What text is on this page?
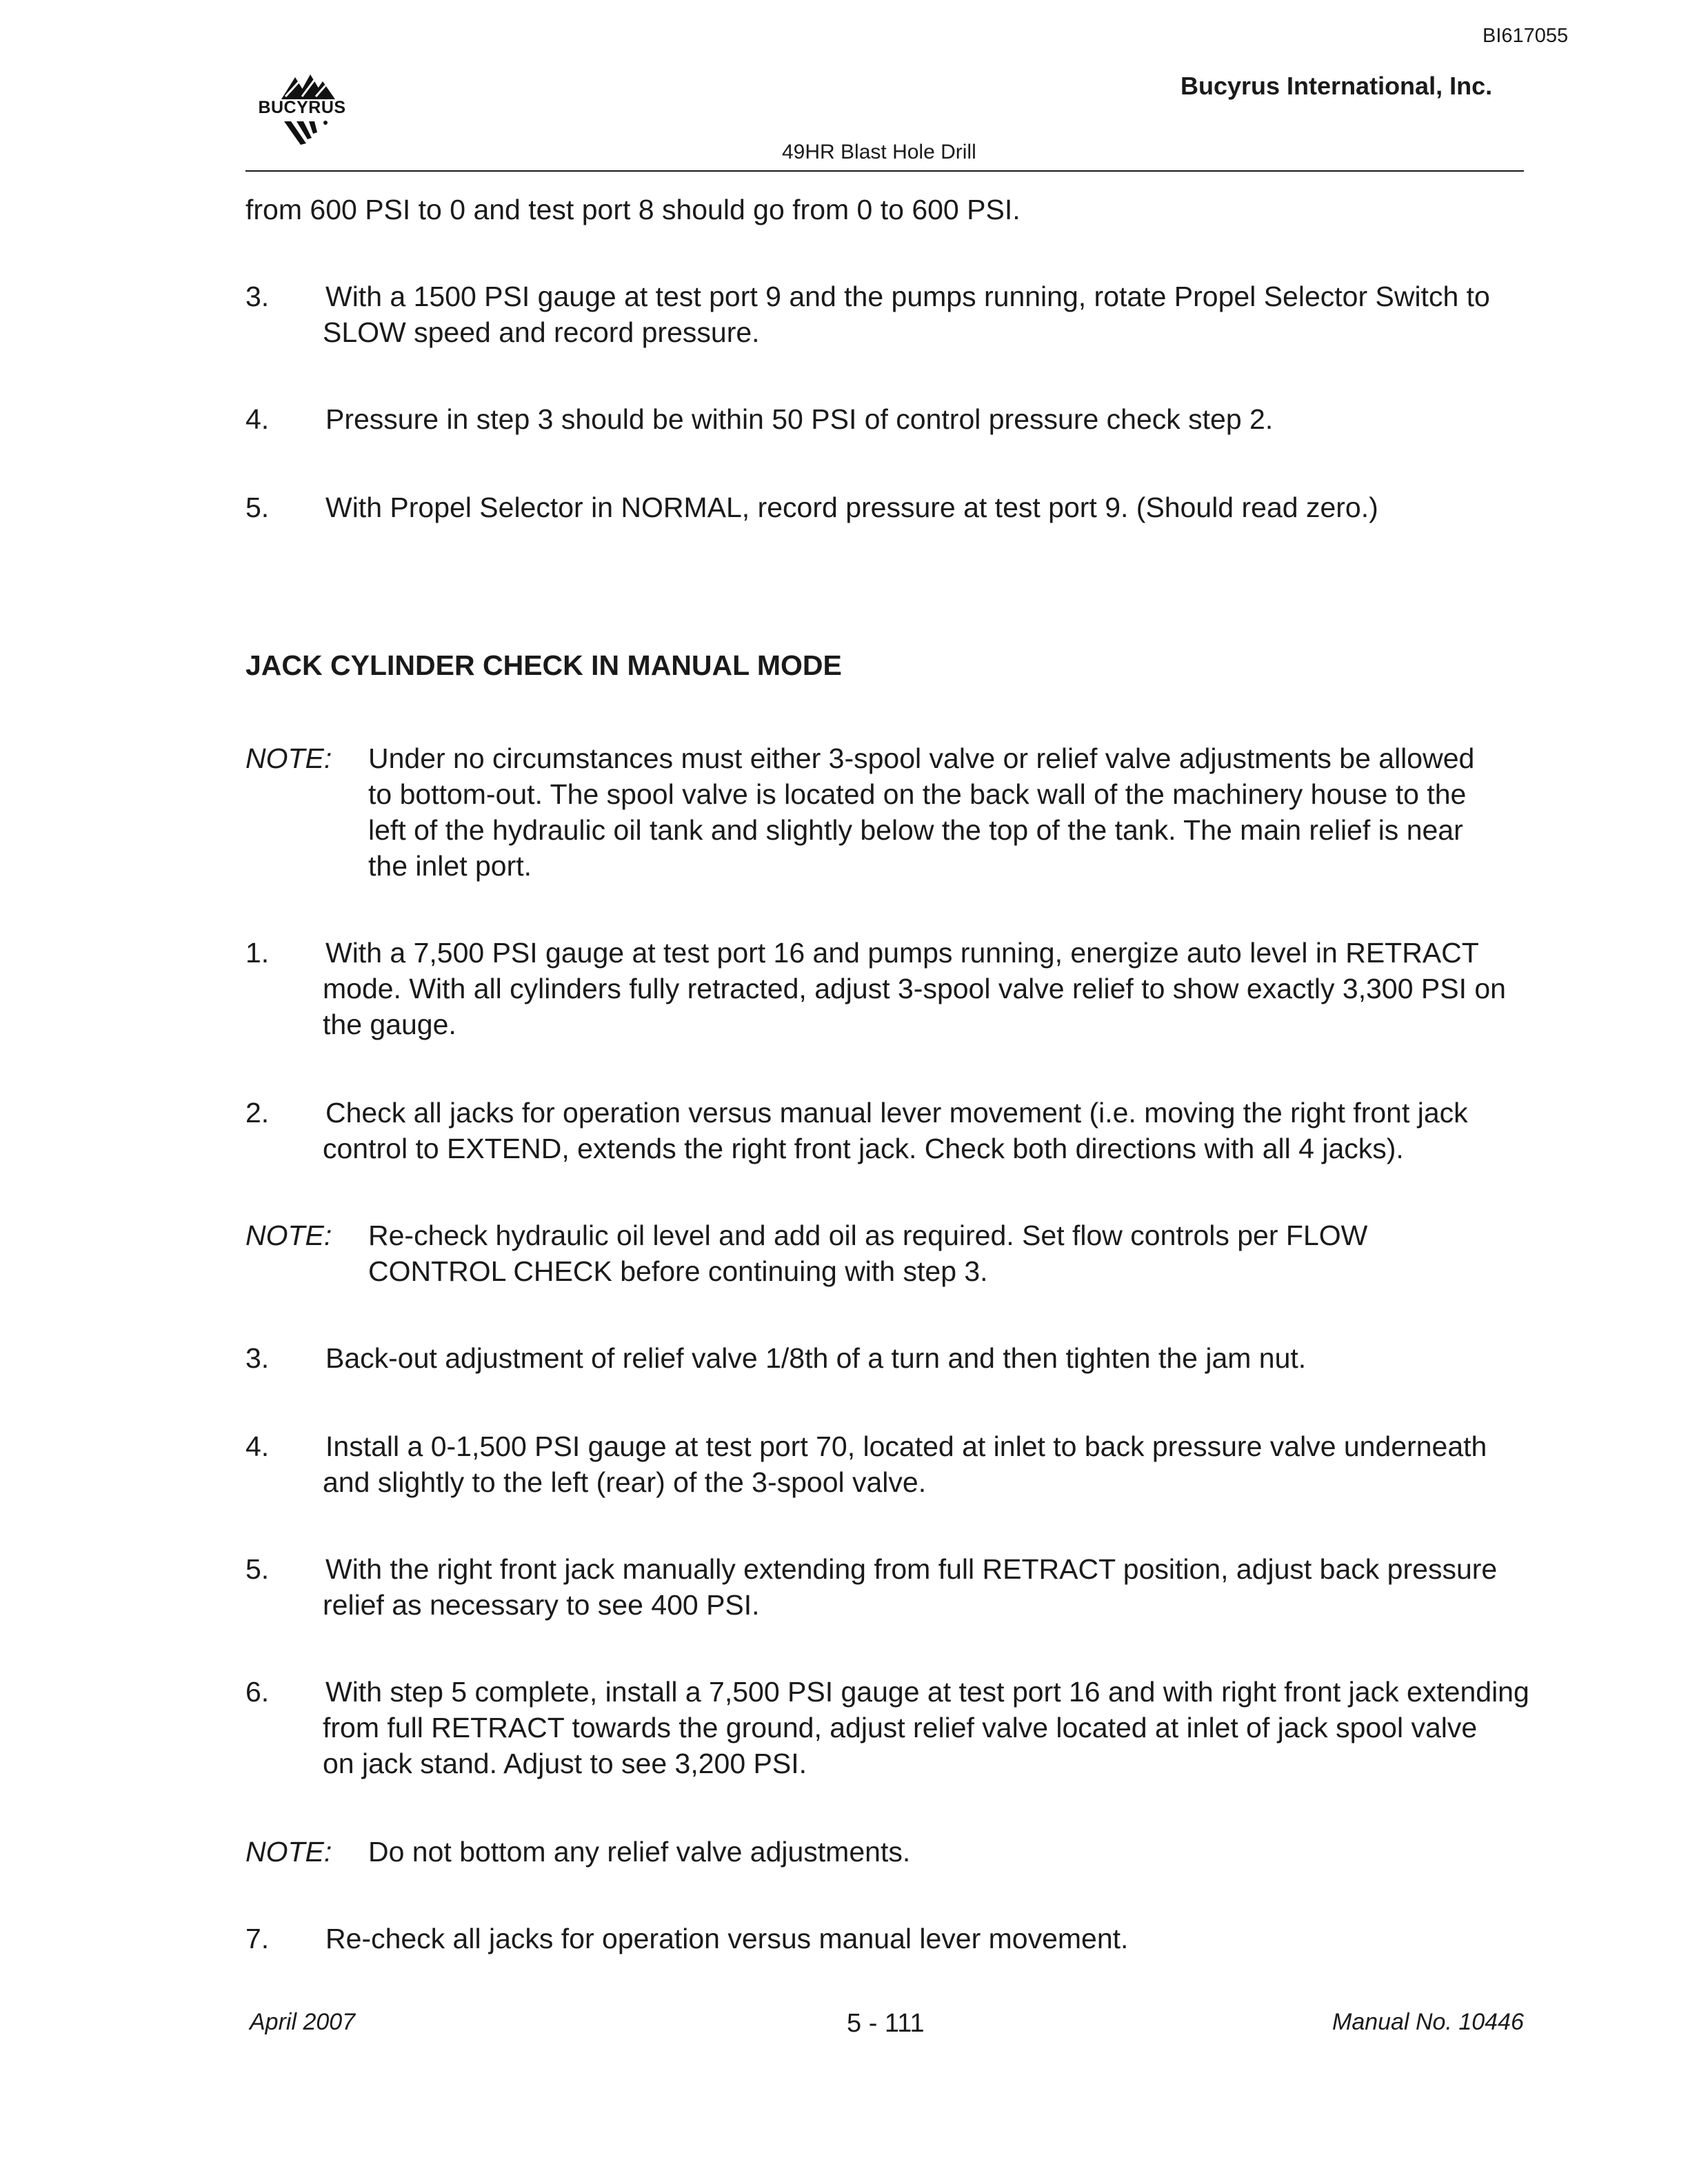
BI617055
Bucyrus International, Inc.
BUCYRUS
49HR Blast Hole Drill
from 600 PSI to 0 and test port 8 should go from 0 to 600 PSI.
3. With a 1500 PSI gauge at test port 9 and the pumps running, rotate Propel Selector Switch to
SLOW speed and record pressure.
4. Pressure in step 3 should be within 50 PSI of control pressure check step 2.
5. With Propel Selector in NORMAL, record pressure at test port 9. (Should read zero.)
JACK CYLINDER CHECK IN MANUAL MODE
NOTE: Under no circumstances must either 3-spool valve or relief valve adjustments be allowed
to bottom-out. The spool valve is located on the back wall of the machinery house to the
left of the hydraulic oil tank and slightly below the top of the tank. The main relief is near
the inlet port.
1. With a 7,500 PSI gauge at test port 16 and pumps running, energize auto level in RETRACT
mode. With all cylinders fully retracted, adjust 3-spool valve relief to show exactly 3,300 PSI on
the gauge.
2. Check all jacks for operation versus manual lever movement (i.e. moving the right front jack
control to EXTEND, extends the right front jack. Check both directions with all 4 jacks).
NOTE: Re-check hydraulic oil level and add oil as required. Set flow controls per FLOW
CONTROL CHECK before continuing with step 3.
3. Back-out adjustment of relief valve 1/8th of a turn and then tighten the jam nut.
4. Install a 0-1,500 PSI gauge at test port 70, located at inlet to back pressure valve underneath
and slightly to the left (rear) of the 3-spool valve.
5. With the right front jack manually extending from full RETRACT position, adjust back pressure
relief as necessary to see 400 PSI.
6. With step 5 complete, install a 7,500 PSI gauge at test port 16 and with right front jack extending
from full RETRACT towards the ground, adjust relief valve located at inlet of jack spool valve
on jack stand. Adjust to see 3,200 PSI.
NOTE: Do not bottom any relief valve adjustments.
7. Re-check all jacks for operation versus manual lever movement.
April 2007	5 - 111	Manual No. 10446
